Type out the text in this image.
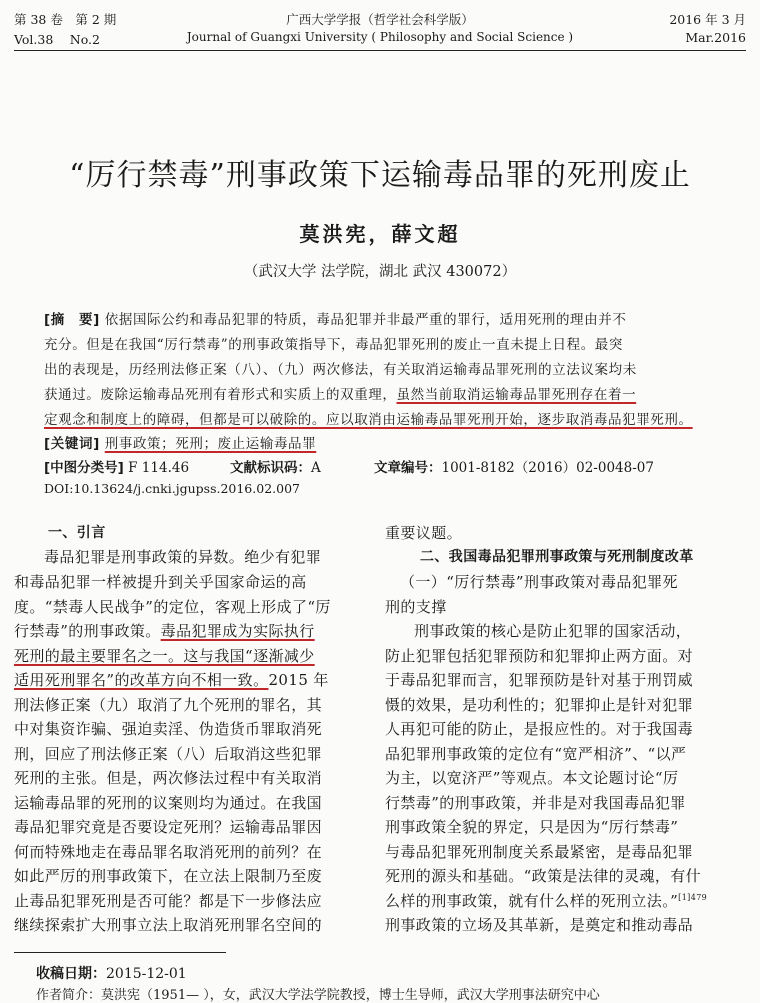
第 38 卷　第 2 期
Vol.38　 No.2
广西大学学报（哲学社会科学版）
Journal of Guangxi University ( Philosophy and Social Science )
2016 年 3 月
Mar.2016
“厉行禁毒”刑事政策下运输毒品罪的死刑废止
莫洪宪，薛文超
（武汉大学 法学院，湖北 武汉 430072）
[摘　要] 依据国际公约和毒品犯罪的特质，毒品犯罪并非最严重的罪行，适用死刑的理由并不
充分。但是在我国“厉行禁毒”的刑事政策指导下，毒品犯罪死刑的废止一直未提上日程。最突
出的表现是，历经刑法修正案（八）、（九）两次修法，有关取消运输毒品罪死刑的立法议案均未
获通过。废除运输毒品死刑有着形式和实质上的双重理，虽然当前取消运输毒品罪死刑存在着一
定观念和制度上的障碍，但都是可以破除的。应以取消由运输毒品罪死刑开始，逐步取消毒品犯罪死刑。
[关键词] 刑事政策；死刑；废止运输毒品罪
[中图分类号] F 114.46	文献标识码：A	文章编号：1001-8182（2016）02-0048-07
DOI:10.13624/j.cnki.jgupss.2016.02.007
一、引言
毒品犯罪是刑事政策的异数。绝少有犯罪
和毒品犯罪一样被提升到关乎国家命运的高
度。“禁毒人民战争”的定位，客观上形成了“厉
行禁毒”的刑事政策。毒品犯罪成为实际执行
死刑的最主要罪名之一。这与我国“逐渐减少
适用死刑罪名”的改革方向不相一致。2015 年
刑法修正案（九）取消了九个死刑的罪名，其
中对集资诈骗、强迫卖淫、伪造货币罪取消死
刑，回应了刑法修正案（八）后取消这些犯罪
死刑的主张。但是，两次修法过程中有关取消
运输毒品罪的死刑的议案则均为通过。在我国
毒品犯罪究竟是否要设定死刑？运输毒品罪因
何而特殊地走在毒品罪名取消死刑的前列？在
如此严厉的刑事政策下，在立法上限制乃至废
止毒品犯罪死刑是否可能？都是下一步修法应
继续探索扩大刑事立法上取消死刑罪名空间的
重要议题。
二、我国毒品犯罪刑事政策与死刑制度改革
（一）“厉行禁毒”刑事政策对毒品犯罪死
刑的支撑
刑事政策的核心是防止犯罪的国家活动，
防止犯罪包括犯罪预防和犯罪抑止两方面。对
于毒品犯罪而言，犯罪预防是针对基于刑罚威
慑的效果，是功利性的；犯罪抑止是针对犯罪
人再犯可能的防止，是报应性的。对于我国毒
品犯罪刑事政策的定位有“宽严相济”、“以严
为主，以宽济严”等观点。本文论题讨论“厉
行禁毒”的刑事政策，并非是对我国毒品犯罪
刑事政策全貌的界定，只是因为“厉行禁毒”
与毒品犯罪死刑制度关系最紧密，是毒品犯罪
死刑的源头和基础。“政策是法律的灵魂，有什
么样的刑事政策，就有什么样的死刑立法。”$^{[1]479}$
刑事政策的立场及其革新，是奠定和推动毒品
收稿日期：2015-12-01
作者简介：莫洪宪（1951— ），女，武汉大学法学院教授，博士生导师，武汉大学刑事法研究中心
